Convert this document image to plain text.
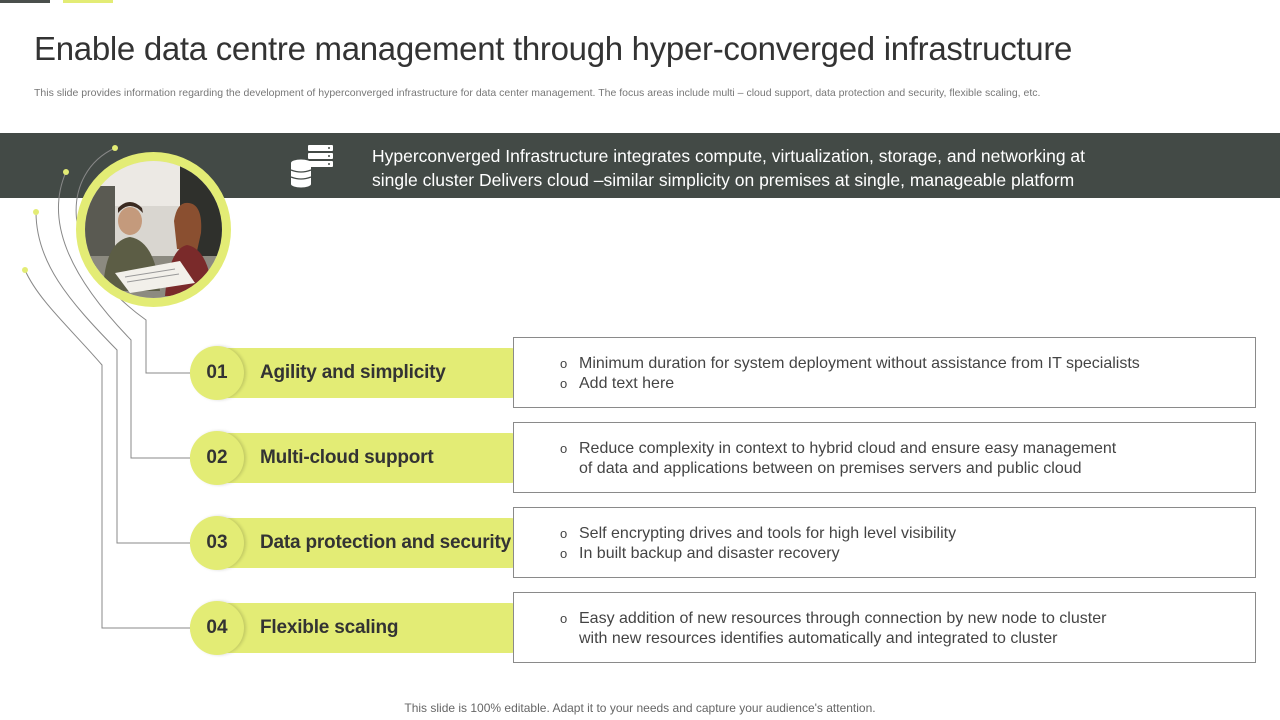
Enable data centre management through hyper-converged infrastructure
This slide provides information regarding the development of hyperconverged infrastructure for data center management. The focus areas include multi – cloud support, data protection and security, flexible scaling, etc.
Hyperconverged Infrastructure integrates compute, virtualization, storage, and networking at
single cluster Delivers cloud –similar simplicity on premises at single, manageable platform
01	Agility and simplicity	o Minimum duration for system deployment without assistance from IT specialists
o Add text here
02	Multi-cloud support	o Reduce complexity in context to hybrid cloud and ensure easy management
of data and applications between on premises servers and public cloud
03	Data protection and security	o Self encrypting drives and tools for high level visibility
o In built backup and disaster recovery
04	Flexible scaling	o Easy addition of new resources through connection by new node to cluster
with new resources identifies automatically and integrated to cluster
This slide is 100% editable. Adapt it to your needs and capture your audience's attention.
